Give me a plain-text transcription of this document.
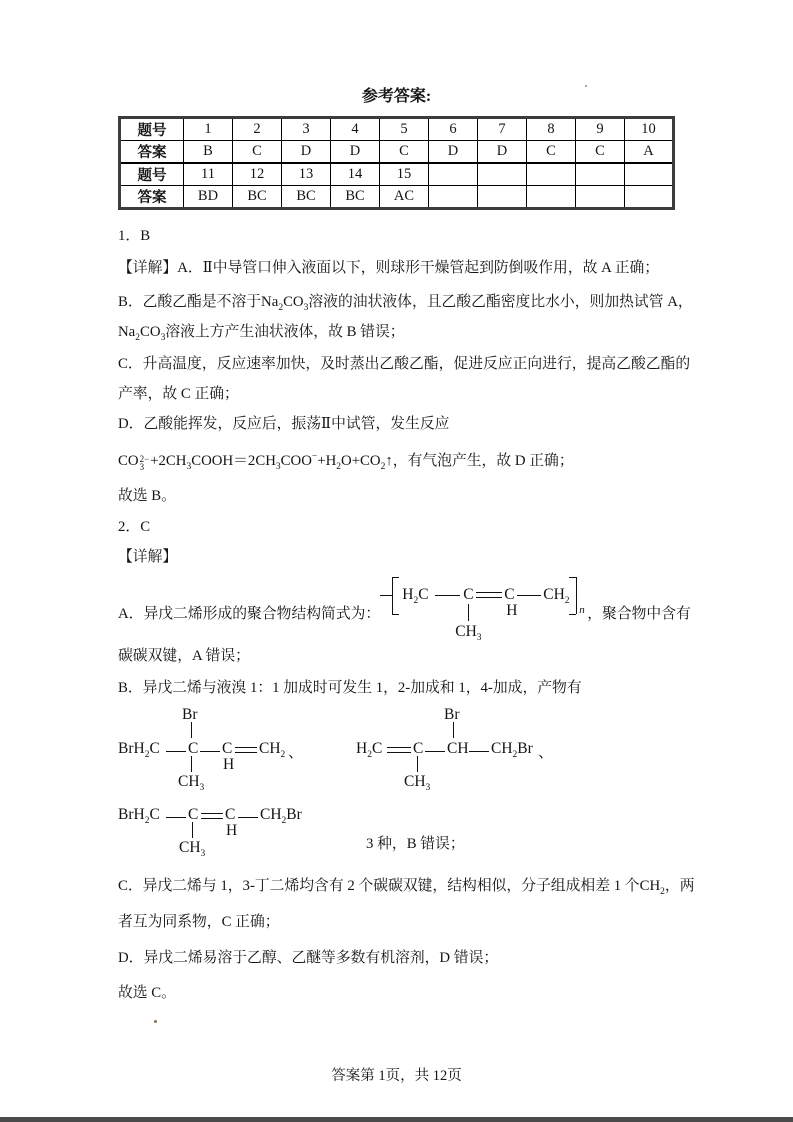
参考答案:
题号	1	2	3	4	5	6	7	8	9	10
答案	B	C	D	D	C	D	D	C	C	A
题号	11	12	13	14	15					
答案	BD	BC	BC	BC	AC					
1．B
【详解】A．Ⅱ中导管口伸入液面以下，则球形干燥管起到防倒吸作用，故 A 正确；
B．乙酸乙酯是不溶于$Na_2CO_3$溶液的油状液体，且乙酸乙酯密度比水小，则加热试管 A，
$Na_2CO_3$溶液上方产生油状液体，故 B 错误；
C．升高温度，反应速率加快，及时蒸出乙酸乙酯，促进反应正向进行，提高乙酸乙酯的
产率，故 C 正确；
D．乙酸能挥发，反应后，振荡Ⅱ中试管，发生反应
CO 2−
$3 +2CH_3COOH=2CH_3COO^-+H_2O+CO_2↑$，有气泡产生，故 D 正确；
故选 B。
2．C
【详解】
A．异戊二烯形成的聚合物结构简式为：
$H_2C$ C C $CH_2$
n
H
$CH_3$
，聚合物中含有
碳碳双键，A 错误；
B．异戊二烯与液溴 1：1 加成时可发生 1，2-加成和 1，4-加成，产物有
Br
BrH$_2$C C C
H
$CH_2$ 、
$CH_3$
Br
$H_2C$ C CH $CH_2Br$ 、
$CH_3$
BrH$_2$C C C
H
$CH_2Br$
$CH_3$
3 种，B 错误；
C．异戊二烯与 1，3-丁二烯均含有 2 个碳碳双键，结构相似，分子组成相差 1 个$CH_2$，两
者互为同系物，C 正确；
D．异戊二烯易溶于乙醇、乙醚等多数有机溶剂，D 错误；
故选 C。
答案第 1页，共 12页
